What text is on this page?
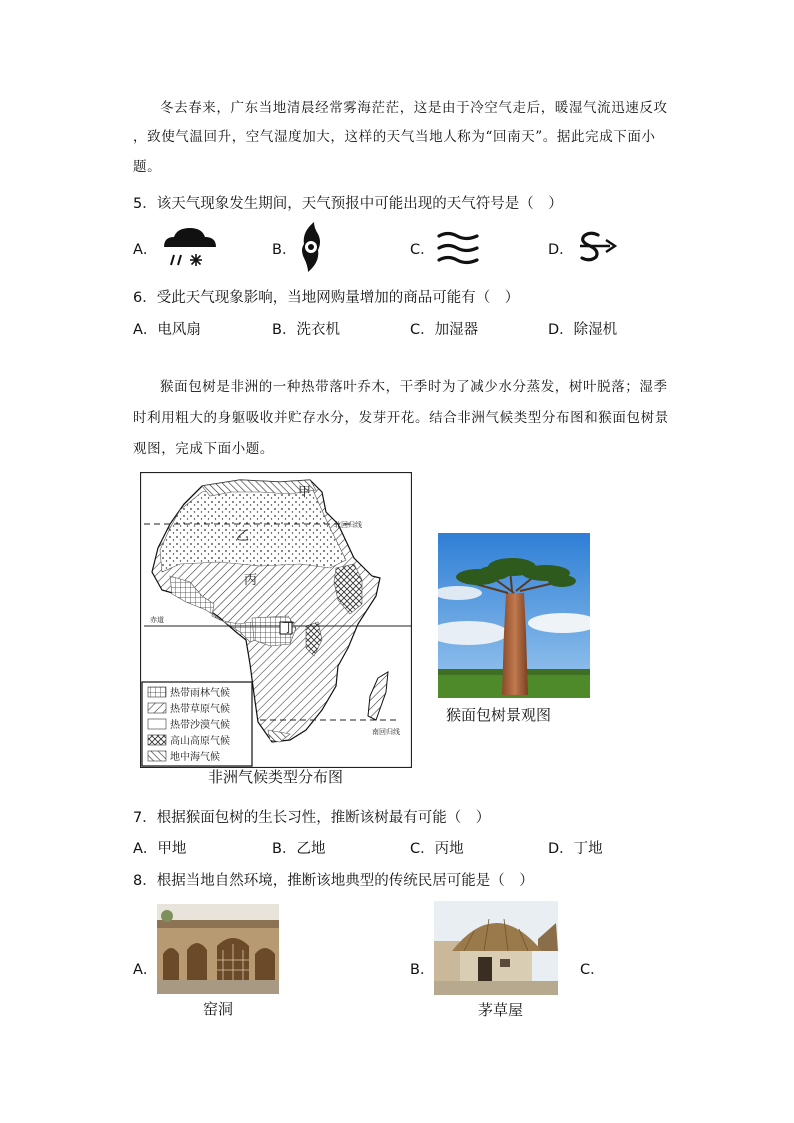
冬去春来，广东当地清晨经常雾海茫茫，这是由于冷空气走后，暖湿气流迅速反攻
，致使气温回升，空气湿度加大，这样的天气当地人称为“回南天”。据此完成下面小
题。
5．该天气现象发生期间，天气预报中可能出现的天气符号是（　）
A．	B．	C．	D．
6．受此天气现象影响，当地网购量增加的商品可能有（　）
A．电风扇	B．洗衣机	C．加湿器	D．除湿机
猴面包树是非洲的一种热带落叶乔木，干季时为了减少水分蒸发，树叶脱落；湿季
时利用粗大的身躯吸收并贮存水分，发芽开花。结合非洲气候类型分布图和猴面包树景
观图，完成下面小题。
甲
乙
丙
丁
北回归线
赤道
南回归线
热带雨林气候
热带草原气候
热带沙漠气候
高山高原气候
地中海气候
非洲气候类型分布图
猴面包树景观图
7．根据猴面包树的生长习性，推断该树最有可能（　）
A．甲地	B．乙地	C．丙地	D．丁地
8．根据当地自然环境，推断该地典型的传统民居可能是（　）
A．
窑洞
B．
茅草屋
C．
